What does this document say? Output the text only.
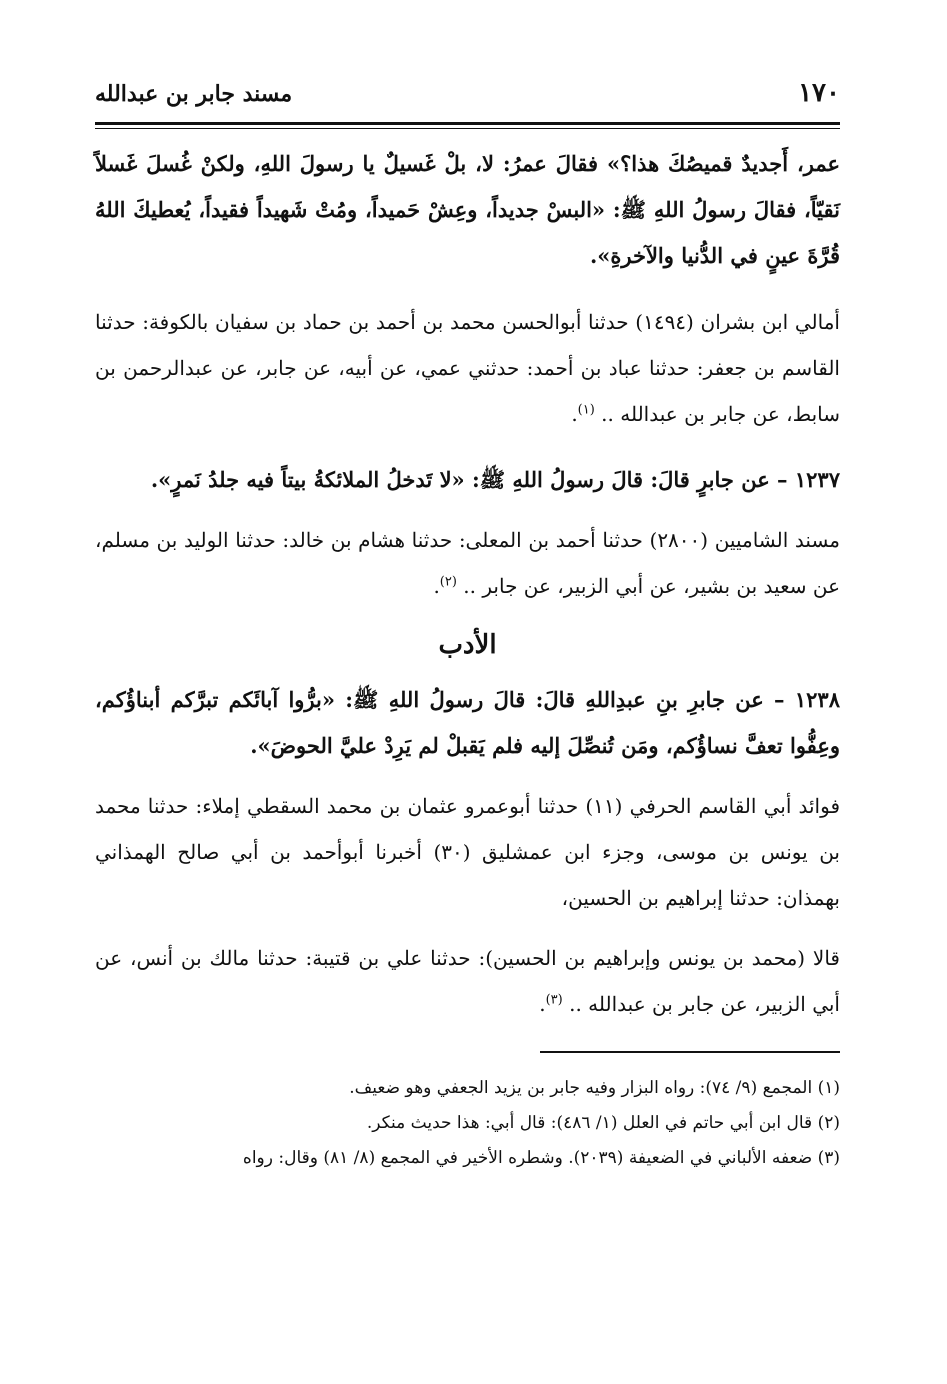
١٧٠
مسند جابر بن عبدالله

عمر، أَجديدٌ قميصُكَ هذا؟» فقالَ عمرُ: لا، بلْ غَسيلٌ يا رسولَ اللهِ، ولكنْ غُسلَ غَسلاً نَقيّاً، فقالَ رسولُ اللهِ ﷺ: «البسْ جديداً، وعِشْ حَميداً، ومُتْ شَهيداً فقيداً، يُعطيكَ اللهُ قُرَّةَ عينٍ في الدُّنيا والآخرةِ».

أمالي ابن بشران (١٤٩٤) حدثنا أبوالحسن محمد بن أحمد بن حماد بن سفيان بالكوفة: حدثنا القاسم بن جعفر: حدثنا عباد بن أحمد: حدثني عمي، عن أبيه، عن جابر، عن عبدالرحمن بن سابط، عن جابر بن عبدالله .. $^{(١)}$.

١٢٣٧ – عن جابرٍ قالَ: قالَ رسولُ اللهِ ﷺ: «لا تَدخلُ الملائكةُ بيتاً فيه جلدُ نَمرٍ».

مسند الشاميين (٢٨٠٠) حدثنا أحمد بن المعلى: حدثنا هشام بن خالد: حدثنا الوليد بن مسلم، عن سعيد بن بشير، عن أبي الزبير، عن جابر .. $^{(٢)}$.

الأدب

١٢٣٨ – عن جابرِ بنِ عبدِاللهِ قالَ: قالَ رسولُ اللهِ ﷺ: «برُّوا آبائَكم تبرَّكم أبناؤُكم، وعِفُّوا تعفَّ نساؤُكم، ومَن تُنصِّلَ إليه فلم يَقبلْ لم يَرِدْ عليَّ الحوضَ».

فوائد أبي القاسم الحرفي (١١) حدثنا أبوعمرو عثمان بن محمد السقطي إملاء: حدثنا محمد بن يونس بن موسى، وجزء ابن عمشليق (٣٠) أخبرنا أبوأحمد بن أبي صالح الهمذاني بهمذان: حدثنا إبراهيم بن الحسين،

قالا (محمد بن يونس وإبراهيم بن الحسين): حدثنا علي بن قتيبة: حدثنا مالك بن أنس، عن أبي الزبير، عن جابر بن عبدالله .. $^{(٣)}$.

(١) المجمع (٩/ ٧٤): رواه البزار وفيه جابر بن يزيد الجعفي وهو ضعيف.

(٢) قال ابن أبي حاتم في العلل (١/ ٤٨٦): قال أبي: هذا حديث منكر.

(٣) ضعفه الألباني في الضعيفة (٢٠٣٩). وشطره الأخير في المجمع (٨/ ٨١) وقال: رواه
